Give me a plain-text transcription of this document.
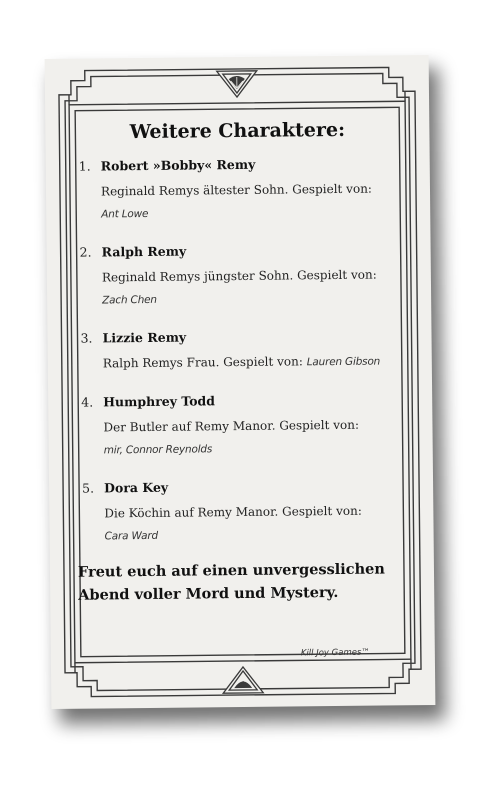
Weitere Charaktere:
1. Robert »Bobby« Remy
Reginald Remys ältester Sohn. Gespielt von: Ant Lowe
2. Ralph Remy
Reginald Remys jüngster Sohn. Gespielt von: Zach Chen
3. Lizzie Remy
Ralph Remys Frau. Gespielt von: Lauren Gibson
4. Humphrey Todd
Der Butler auf Remy Manor. Gespielt von: mir, Connor Reynolds
5. Dora Key
Die Köchin auf Remy Manor. Gespielt von: Cara Ward
Freut euch auf einen unvergesslichen
Abend voller Mord und Mystery.
Kill Joy Games™
